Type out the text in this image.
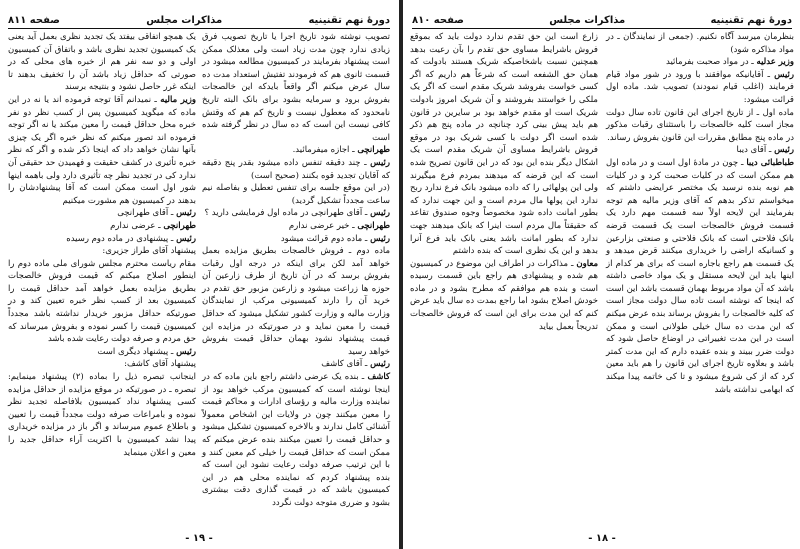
دورهٔ نهم تقنینیه
مذاکرات مجلس
صفحه ۸۱۱

تصویب نوشته شود تاریخ اجرا یا تاریخ تصویب فرق زیادی ندارد چون مدت زیاد است ولی معذلک ممکن است پیشنهاد بفرمایند در کمیسیون مطالعه میشود در قسمت ثانوی هم که فرمودند تفتیش استعداد مدت ده سال عرض میکنم اگر واقعاً بایدکه این خالصجات بفروش برود و سرمایه بشود برای بانک البته تاریخ نامحدود که معطول نیست و تاریخ کم هم که وقتش کافی نیست این است که ده سال در نظر گرفته شده است

طهرانچی ـ اجازه میفرمائید.

رئیس ـ چند دقیقه تنفس داده میشود بقدر پنج دقیقه که آقایان تجدید قوه بکنند (صحیح است)

(در این موقع جلسه برای تنفس تعطیل و بفاصله نیم ساعت مجدداً تشکیل گردید)

رئیس ـ آقای طهرانچی در ماده اول فرمایشی دارید ؟

طهرانچی ـ خیر عرضی ندارم

رئیس ـ ماده دوم قرائت میشود

ماده دوم ـ فروش خالصجات بطریق مزایده بعمل خواهد آمد لکن برای اینکه در درجه اول رقبات بفروش برسد که در آن تاریخ از طرف زارعین آن حوزه ها زراعت میشود و زارعین مزبور حق تقدم در خرید آن را دارند کمیسیونی مرکب از نمایندگان وزارت مالیه و وزارت کشور تشکیل میشود که حداقل قیمت را معین نماید و در صورتیکه در مزایده این قیمت پیشنهاد نشود بهمان حداقل قیمت بفروش خواهد رسید

رئیس ـ آقای کاشف

کاشف ـ بنده یک عرضی داشتم راجع باین ماده که در اینجا نوشته است که کمیسیون مرکب خواهد بود از نماینده وزارت مالیه و رؤسای ادارات و محاکم قیمت را معین میکنند چون در ولایات این اشخاص معمولاً آشنائی کامل ندارند و بالاخره کمیسیون تشکیل میشود و حداقل قیمت را تعیین میکنند بنده عرض میکنم که ممکن است که حداقل قیمت را خیلی کم معین کنند و با این ترتیب صرفه دولت رعایت نشود این است که بنده پیشنهاد کردم که نماینده محلی هم در این کمیسیون باشد که در قیمت گذاری دقت بیشتری بشود و ضرری متوجه دولت نگردد

یک همچو اتفاقی بیفتد یک تجدید نظری بعمل آید یعنی یک کمیسیون تجدید نظری باشد و باتفاق آن کمیسیون اولی و دو سه نفر هم از خبره های محلی که در صورتی که حداقل زیاد باشد آن را تخفیف بدهند تا اینکه غرر حاصل نشود و بنتیجه برسند

وزیر مالیه ـ نمیدانم آقا توجه فرموده اند یا نه در این ماده که میگوید کمیسیون پس از کسب نظر دو نفر خبره محل حداقل قیمت را معین میکند یا نه اگر توجه فرموده اند تصور میکنم که نظر خبره اگر یک چیزی بآنها نشان خواهد داد که اینجا ذکر شده و اگر که نظر خبره تأثیری در کشف حقیقت و فهمیدن حد حقیقی آن ندارد کی در تجدید نظر چه تأثیری دارد ولی باهمه اینها شور اول است ممکن است که آقا پیشنهادشان را بدهند در کمیسیون هم مشورت میکنیم

رئیس ـ آقای طهرانچی

طهرانچی ـ عرضی ندارم

رئیس ـ پیشنهادی در ماده دوم رسیده

پیشنهاد آقای طراز جزیری:

مقام ریاست محترم مجلس شورای ملی ماده دوم را اینطور اصلاح میکنم که قیمت فروش خالصجات بطریق مزایده بعمل خواهد آمد حداقل قیمت را کمیسیون بعد از کسب نظر خبره تعیین کند و در صورتیکه حداقل مزبور خریدار نداشته باشد مجدداً کمیسیون قیمت را کسر نموده و بفروش میرساند که حق مردم و صرفه دولت رعایت شده باشد

رئیس ـ پیشنهاد دیگری است

پیشنهاد آقای کاشف:

اینجانب تبصره ذیل را بماده (۲) پیشنهاد مینمایم: تبصره ـ در صورتیکه در موقع مزایده از حداقل مزایده کسی پیشنهاد نداد کمیسیون بلافاصله تجدید نظر نموده و بامراعات صرفه دولت مجدداً قیمت را تعیین و باطلاع عموم میرساند و اگر باز در مزایده خریداری پیدا نشد کمیسیون با اکثریت آراء حداقل جدید را معین و اعلان مینماید

- ۱۹ -
دورهٔ نهم تقنینیه
مذاکرات مجلس
صفحه ۸۱۰

بنظرمان میرسد آگاه نکنیم. (جمعی از نمایندگان ـ در مواد مذاکره شود)

وزیر عدلیه ـ در مواد صحبت بفرمائید

رئیس ـ آقایانیکه موافقند با ورود در شور مواد قیام فرمایند (اغلب قیام نمودند) تصویب شد. ماده اول قرائت میشود:

ماده اول ـ از تاریخ اجرای این قانون تاده سال دولت مجاز است کلیه خالصجات را باستثنای رقبات مذکور در ماده پنج مطابق مقررات این قانون بفروش رساند.

رئیس ـ آقای دیبا

طباطبائی دیبا ـ چون در مادهٔ اول است و در ماده اول هم ممکن است که در کلیات صحبت کرد و در کلیات هم نوبه بنده نرسید یک مختصر عرایضی داشتم که میخواستم تذکر بدهم که آقای وزیر مالیه هم توجه بفرمایند این لایحه اولاً سه قسمت مهم دارد یک قسمت فروش خالصجات است یک قسمت قرضه بانک فلاحتی است که بانک فلاحتی و صنعتی بزارعین و کسانیکه اراضی را خریداری میکنند قرض میدهد و یک قسمت هم راجع باجاره است که برای هر کدام از اینها باید این لایحه مستقل و یک مواد خاصی داشته باشد که آن مواد مربوط بهمان قسمت باشد این است که اینجا که نوشته است تاده سال دولت مجاز است که کلیه خالصجات را بفروش برساند بنده عرض میکنم که این مدت ده سال خیلی طولانی است و ممکن است در این مدت تغییراتی در اوضاع حاصل شود که دولت ضرر ببیند و بنده عقیده دارم که این مدت کمتر باشد و بعلاوه تاریخ اجرای این قانون را هم باید معین کرد که از کی شروع میشود و تا کی خاتمه پیدا میکند که ابهامی نداشته باشد

زارع است این حق تقدم ندارد دولت باید که بموقع فروش باشرایط مساوی حق تقدم را بآن رعیت بدهد همچنین نسبت باشخاصیکه شریک هستند بادولت که همان حق الشفعه است که شرعاً هم داریم که اگر کسی خواست بفروشد شریک مقدم است که اگر یک ملکی را خواستند بفروشند و آن شریک امروز بادولت شریک است او مقدم خواهد بود بر سایرین در قانون هم باید پیش بینی کرد چنانچه در ماده پنج هم ذکر شده است اگر دولت با کسی شریک بود در موقع فروش باشرایط مساوی آن شریک مقدم است یک اشکال دیگر بنده این بود که در این قانون تصریح شده است که این قرضه که میدهند بمردم فرع میگیرند ولی این پولهائی را که داده میشود بانک فرع ندارد ربح ندارد این پولها مال مردم است و این جهت ندارد که بطور امانت داده شود مخصوصاً وجوه صندوق تقاعد که حقیقتاً مال مردم است اینرا که بانک میدهند جهت ندارد که بطور امانت باشد یعنی بانک باید فرع آنرا بدهد و این یک نظری است که بنده داشتم

معاون ـ مذاکرات در اطراف این موضوع در کمیسیون هم شده و پیشنهادی هم راجع باین قسمت رسیده است و بنده هم موافقم که مطرح بشود و در ماده خودش اصلاح بشود اما راجع بمدت ده سال باید عرض کنم که این مدت برای این است که فروش خالصجات تدریجاً بعمل بیاید

- ۱۸ -
